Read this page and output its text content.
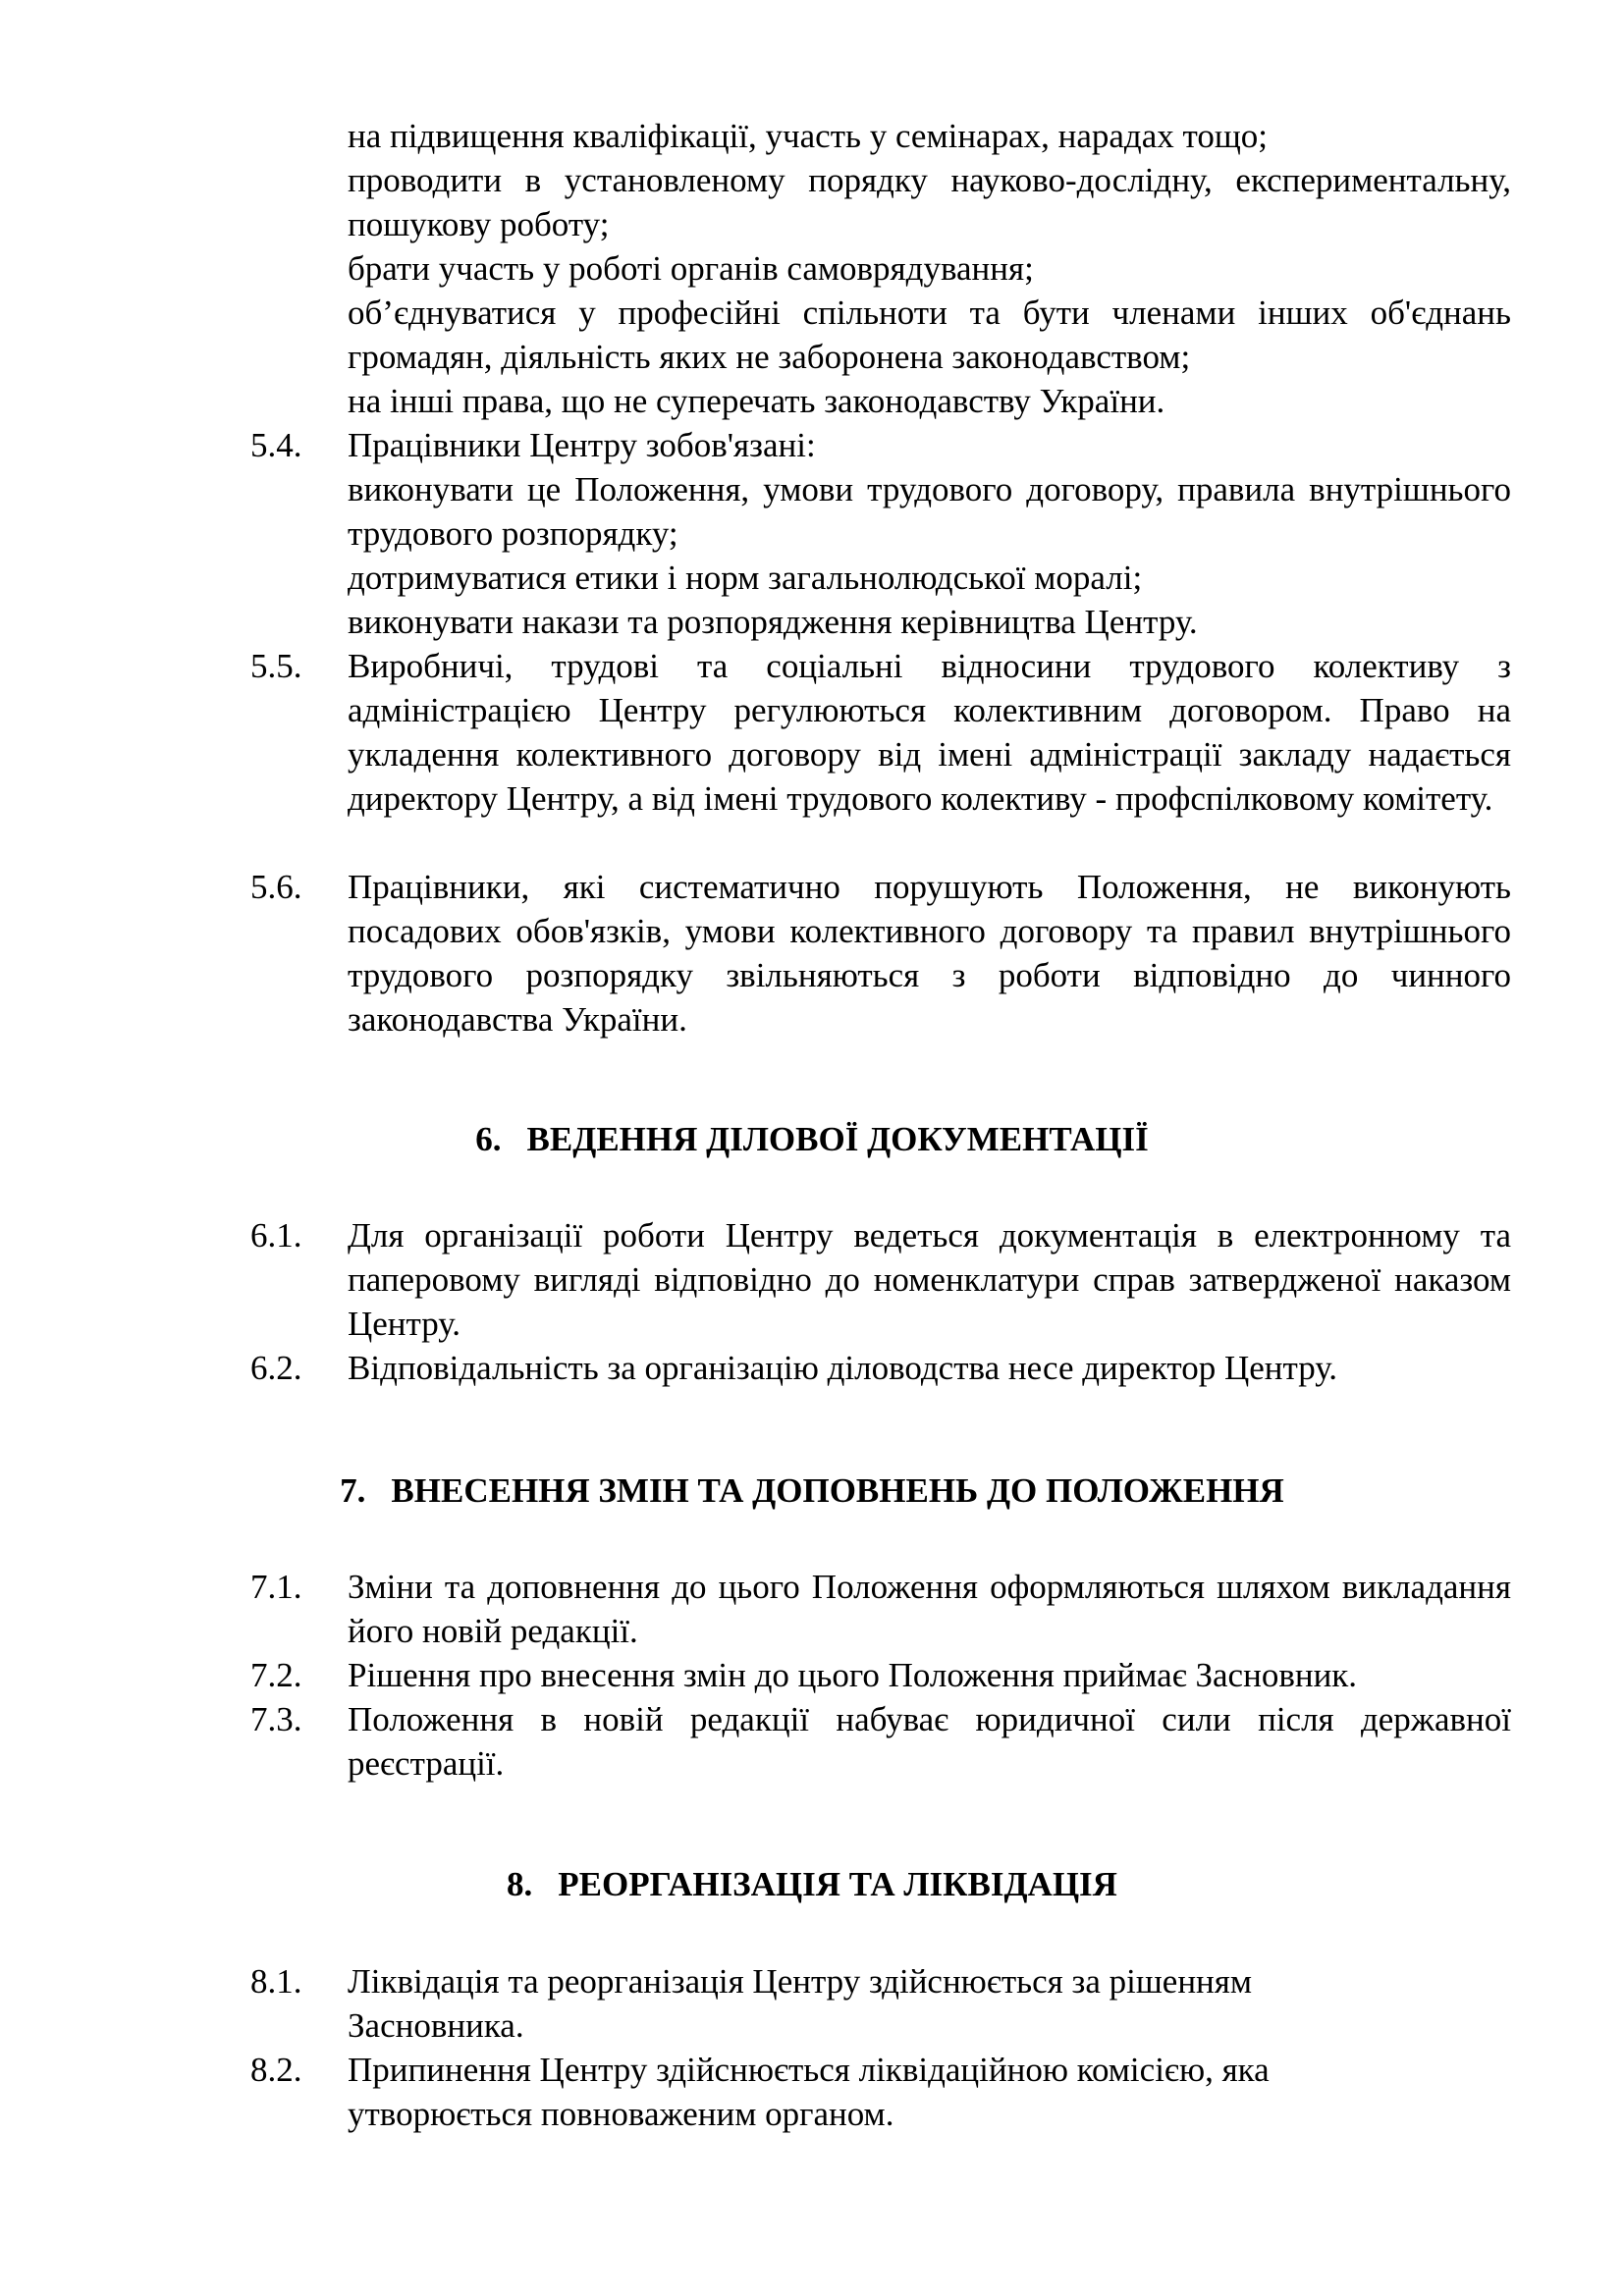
на підвищення кваліфікації, участь у семінарах, нарадах тощо;

проводити в установленому порядку науково-дослідну, експериментальну, пошукову роботу;

брати участь у роботі органів самоврядування;

об’єднуватися у професійні спільноти та бути членами інших об'єднань громадян, діяльність яких не заборонена законодавством;

на інші права, що не суперечать законодавству України.

5.4.	Працівники Центру зобов'язані:

виконувати це Положення, умови трудового договору, правила внутрішнього трудового розпорядку;

дотримуватися етики і норм загальнолюдської моралі;

виконувати накази та розпорядження керівництва Центру.

5.5.	Виробничі, трудові та соціальні відносини трудового колективу з адміністрацією Центру регулюються колективним договором. Право на укладення колективного договору від імені адміністрації закладу надається директору Центру, а від імені трудового колективу - профспілковому комітету.

5.6.	Працівники, які систематично порушують Положення, не виконують посадових обов'язків, умови колективного договору та правил внутрішнього трудового розпорядку звільняються з роботи відповідно до чинного законодавства України.

6. ВЕДЕННЯ ДІЛОВОЇ ДОКУМЕНТАЦІЇ
6.1.	Для організації роботи Центру ведеться документація в електронному та паперовому вигляді відповідно до номенклатури справ затвердженої наказом Центру.
6.2.	Відповідальність за організацію діловодства несе директор Центру.
7. ВНЕСЕННЯ ЗМІН ТА ДОПОВНЕНЬ ДО ПОЛОЖЕННЯ
7.1.	Зміни та доповнення до цього Положення оформляються шляхом викладання його новій редакції.
7.2.	Рішення про внесення змін до цього Положення приймає Засновник.
7.3.	Положення в новій редакції набуває юридичної сили після державної реєстрації.
8. РЕОРГАНІЗАЦІЯ ТА ЛІКВІДАЦІЯ
8.1.	Ліквідація та реорганізація Центру здійснюється за рішенням Засновника.
8.2.	Припинення Центру здійснюється ліквідаційною комісією, яка утворюється повноваженим органом.
